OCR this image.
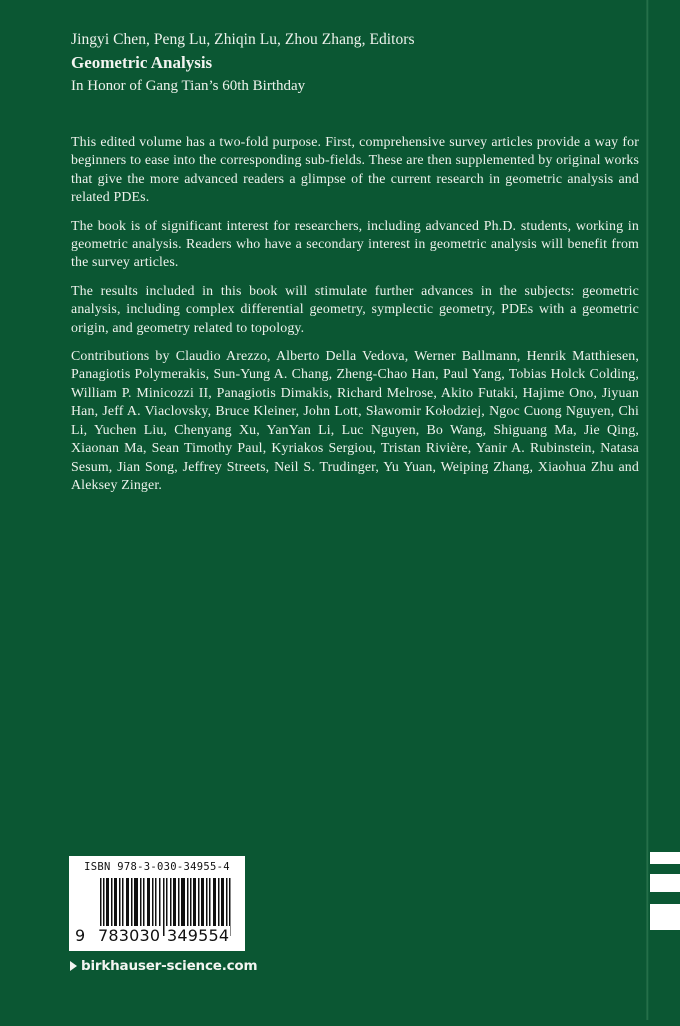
Jingyi Chen, Peng Lu, Zhiqin Lu, Zhou Zhang, Editors

Geometric Analysis

In Honor of Gang Tian’s 60th Birthday

This edited volume has a two-fold purpose. First, comprehensive survey articles provide a way for beginners to ease into the corresponding sub-fields. These are then supplemented by original works that give the more advanced readers a glimpse of the current research in geometric analysis and related PDEs.

The book is of significant interest for researchers, including advanced Ph.D. students, working in geometric analysis. Readers who have a secondary interest in geometric analysis will benefit from the survey articles.

The results included in this book will stimulate further advances in the subjects: geometric analysis, including complex differential geometry, symplectic geometry, PDEs with a geometric origin, and geometry related to topology.

Contributions by Claudio Arezzo, Alberto Della Vedova, Werner Ballmann, Henrik Matthiesen, Panagiotis Polymerakis, Sun-Yung A. Chang, Zheng-Chao Han, Paul Yang, Tobias Holck Colding, William P. Minicozzi II, Panagiotis Dimakis, Richard Melrose, Akito Futaki, Hajime Ono, Jiyuan Han, Jeff A. Viaclovsky, Bruce Kleiner, John Lott, Sławomir Kołodziej, Ngoc Cuong Nguyen, Chi Li, Yuchen Liu, Chenyang Xu, YanYan Li, Luc Nguyen, Bo Wang, Shiguang Ma, Jie Qing, Xiaonan Ma, Sean Timothy Paul, Kyriakos Sergiou, Tristan Rivière, Yanir A. Rubinstein, Natasa Sesum, Jian Song, Jeffrey Streets, Neil S. Trudinger, Yu Yuan, Weiping Zhang, Xiaohua Zhu and Aleksey Zinger.

ISBN 978-3-030-34955-4

9

783030

349554

birkhauser-science.com
